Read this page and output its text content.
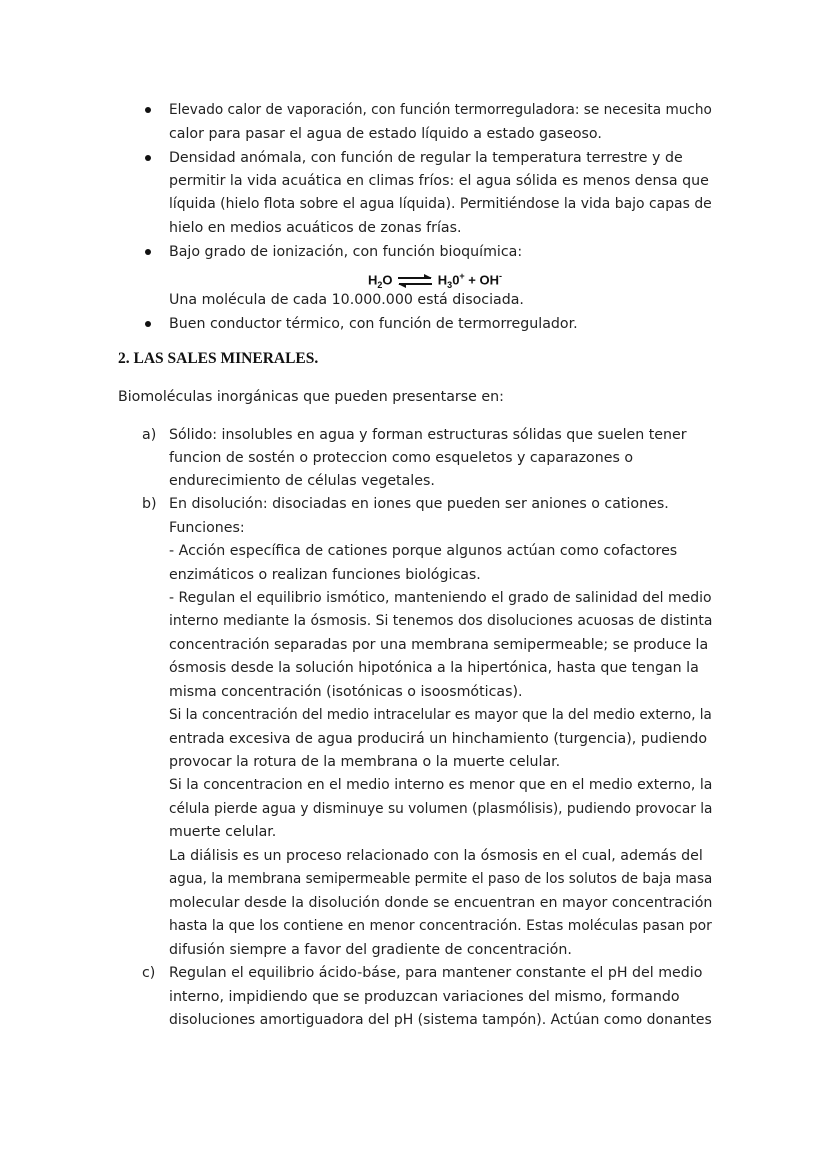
Elevado calor de vaporación, con función termorreguladora: se necesita mucho
calor para pasar el agua de estado líquido a estado gaseoso.
Densidad anómala, con función de regular la temperatura terrestre y de
permitir la vida acuática en climas fríos: el agua sólida es menos densa que
líquida (hielo flota sobre el agua líquida). Permitiéndose la vida bajo capas de
hielo en medios acuáticos de zonas frías.
Bajo grado de ionización, con función bioquímica:
$H_2O$ ⇌ $H_30^+ + OH^-$
Una molécula de cada 10.000.000 está disociada.
Buen conductor térmico, con función de termorregulador.
2. LAS SALES MINERALES.
Biomoléculas inorgánicas que pueden presentarse en:
a)
b)
c)
Sólido: insolubles en agua y forman estructuras sólidas que suelen tener
funcion de sostén o proteccion como esqueletos y caparazones o
endurecimiento de células vegetales.
En disolución: disociadas en iones que pueden ser aniones o cationes.
Funciones:
- Acción específica de cationes porque algunos actúan como cofactores
enzimáticos o realizan funciones biológicas.
- Regulan el equilibrio ismótico, manteniendo el grado de salinidad del medio
interno mediante la ósmosis. Si tenemos dos disoluciones acuosas de distinta
concentración separadas por una membrana semipermeable; se produce la
ósmosis desde la solución hipotónica a la hipertónica, hasta que tengan la
misma concentración (isotónicas o isoosmóticas).
Si la concentración del medio intracelular es mayor que la del medio externo, la
entrada excesiva de agua producirá un hinchamiento (turgencia), pudiendo
provocar la rotura de la membrana o la muerte celular.
Si la concentracion en el medio interno es menor que en el medio externo, la
célula pierde agua y disminuye su volumen (plasmólisis), pudiendo provocar la
muerte celular.
La diálisis es un proceso relacionado con la ósmosis en el cual, además del
agua, la membrana semipermeable permite el paso de los solutos de baja masa
molecular desde la disolución donde se encuentran en mayor concentración
hasta la que los contiene en menor concentración. Estas moléculas pasan por
difusión siempre a favor del gradiente de concentración.
Regulan el equilibrio ácido-báse, para mantener constante el pH del medio
interno, impidiendo que se produzcan variaciones del mismo, formando
disoluciones amortiguadora del pH (sistema tampón). Actúan como donantes
